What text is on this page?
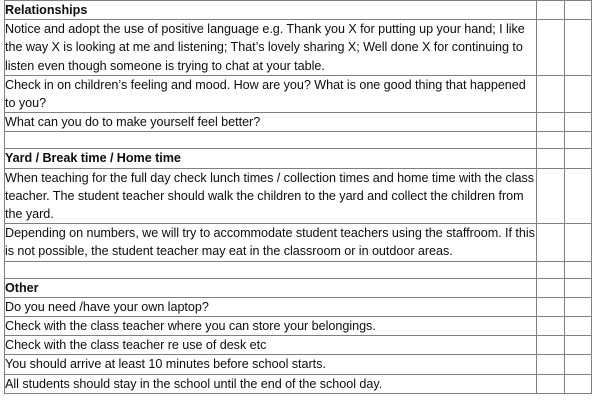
Relationships		
Notice and adopt the use of positive language e.g. Thank you X for putting up your hand; I like the way X is looking at me and listening; That’s lovely sharing X; Well done X for continuing to listen even though someone is trying to chat at your table.		
Check in on children’s feeling and mood. How are you? What is one good thing that happened to you?		
What can you do to make yourself feel better?		

Yard / Break time / Home time		
When teaching for the full day check lunch times / collection times and home time with the class teacher. The student teacher should walk the children to the yard and collect the children from the yard.		
Depending on numbers, we will try to accommodate student teachers using the staffroom. If this is not possible, the student teacher may eat in the classroom or in outdoor areas.		

Other		
Do you need /have your own laptop?		
Check with the class teacher where you can store your belongings.		
Check with the class teacher re use of desk etc		
You should arrive at least 10 minutes before school starts.		
All students should stay in the school until the end of the school day.		
